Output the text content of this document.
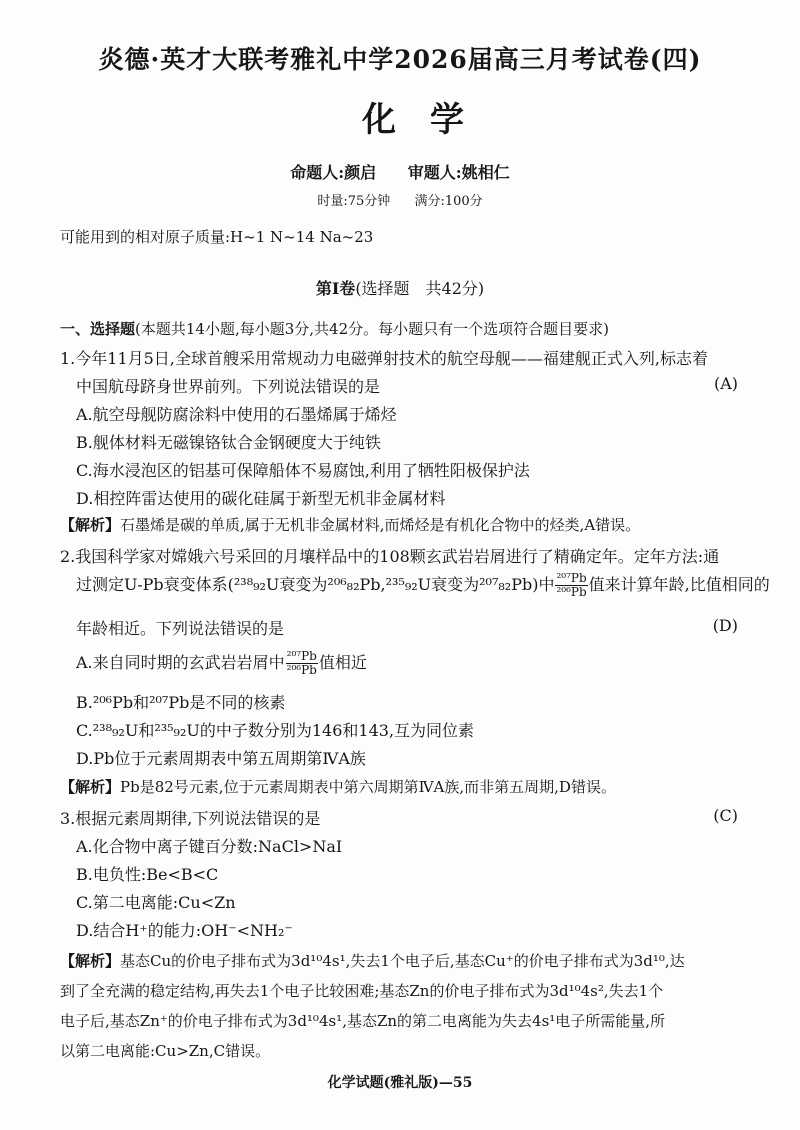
炎德·英才大联考雅礼中学2026届高三月考试卷(四)
化学
命题人:颜启 审题人:姚相仁
时量:75分钟 满分:100分
可能用到的相对原子质量:H~1 N~14 Na~23
第Ⅰ卷(选择题　共42分)
一、选择题(本题共14小题,每小题3分,共42分。每小题只有一个选项符合题目要求)
1.今年11月5日,全球首艘采用常规动力电磁弹射技术的航空母舰——福建舰正式入列,标志着
中国航母跻身世界前列。下列说法错误的是	(A)
A.航空母舰防腐涂料中使用的石墨烯属于烯烃
B.舰体材料无磁镍铬钛合金钢硬度大于纯铁
C.海水浸泡区的铝基可保障船体不易腐蚀,利用了牺牲阳极保护法
D.相控阵雷达使用的碳化硅属于新型无机非金属材料
【解析】石墨烯是碳的单质,属于无机非金属材料,而烯烃是有机化合物中的烃类,A错误。
2.我国科学家对嫦娥六号采回的月壤样品中的108颗玄武岩岩屑进行了精确定年。定年方法:通
过测定U-Pb衰变体系(²³⁸₉₂U衰变为²⁰⁶₈₂Pb,²³⁵₉₂U衰变为²⁰⁷₈₂Pb)中 $\frac{\text{²⁰⁷Pb}}{\text{²⁰⁶Pb}}$ 值来计算年龄,比值相同的
年龄相近。下列说法错误的是	(D)
A.来自同时期的玄武岩岩屑中 $\frac{\text{²⁰⁷Pb}}{\text{²⁰⁶Pb}}$ 值相近
B.²⁰⁶Pb和²⁰⁷Pb是不同的核素
C.²³⁸₉₂U和²³⁵₉₂U的中子数分别为146和143,互为同位素
D.Pb位于元素周期表中第五周期第ⅣA族
【解析】Pb是82号元素,位于元素周期表中第六周期第ⅣA族,而非第五周期,D错误。
3.根据元素周期律,下列说法错误的是	(C)
A.化合物中离子键百分数:NaCl>NaI
B.电负性:Be<B<C
C.第二电离能:Cu<Zn
D.结合H⁺的能力:OH⁻<NH₂⁻
【解析】基态Cu的价电子排布式为3d¹⁰4s¹,失去1个电子后,基态Cu⁺的价电子排布式为3d¹⁰,达
到了全充满的稳定结构,再失去1个电子比较困难;基态Zn的价电子排布式为3d¹⁰4s²,失去1个
电子后,基态Zn⁺的价电子排布式为3d¹⁰4s¹,基态Zn的第二电离能为失去4s¹电子所需能量,所
以第二电离能:Cu>Zn,C错误。
化学试题(雅礼版)—55
